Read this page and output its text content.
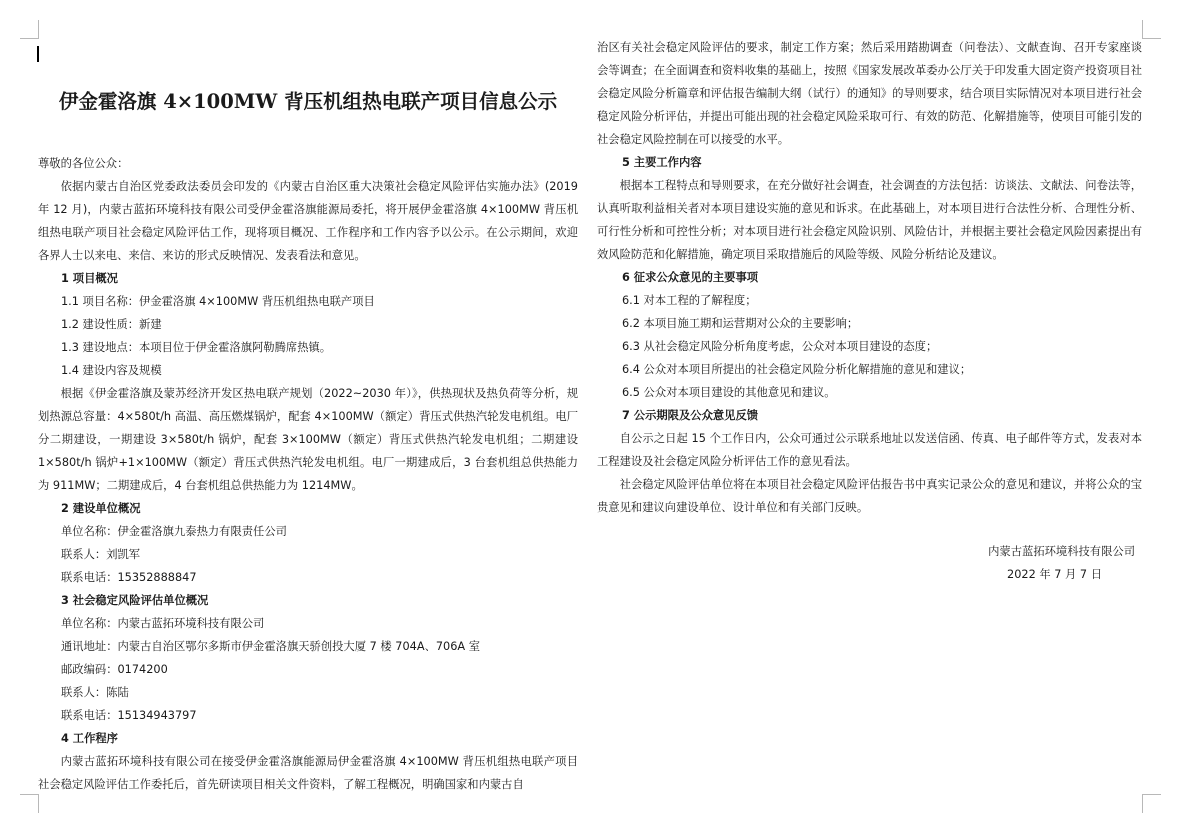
伊金霍洛旗 4×100MW 背压机组热电联产项目信息公示

尊敬的各位公众：

依据内蒙古自治区党委政法委员会印发的《内蒙古自治区重大决策社会稳定风险评估实施办法》(2019 年 12 月)，内蒙古蓝拓环境科技有限公司受伊金霍洛旗能源局委托，将开展伊金霍洛旗 4×100MW 背压机组热电联产项目社会稳定风险评估工作，现将项目概况、工作程序和工作内容予以公示。在公示期间，欢迎各界人士以来电、来信、来访的形式反映情况、发表看法和意见。

1 项目概况

1.1 项目名称：伊金霍洛旗 4×100MW 背压机组热电联产项目

1.2 建设性质：新建

1.3 建设地点：本项目位于伊金霍洛旗阿勒腾席热镇。

1.4 建设内容及规模

根据《伊金霍洛旗及蒙苏经济开发区热电联产规划（2022~2030 年）》，供热现状及热负荷等分析，规划热源总容量：4×580t/h 高温、高压燃煤锅炉，配套 4×100MW（额定）背压式供热汽轮发电机组。电厂分二期建设，一期建设 3×580t/h 锅炉，配套 3×100MW（额定）背压式供热汽轮发电机组；二期建设 1×580t/h 锅炉+1×100MW（额定）背压式供热汽轮发电机组。电厂一期建成后，3 台套机组总供热能力为 911MW；二期建成后，4 台套机组总供热能力为 1214MW。

2 建设单位概况

单位名称：伊金霍洛旗九泰热力有限责任公司

联系人：刘凯军

联系电话：15352888847

3 社会稳定风险评估单位概况

单位名称：内蒙古蓝拓环境科技有限公司

通讯地址：内蒙古自治区鄂尔多斯市伊金霍洛旗天骄创投大厦 7 楼 704A、706A 室

邮政编码：0174200

联系人：陈陆

联系电话：15134943797

4 工作程序

内蒙古蓝拓环境科技有限公司在接受伊金霍洛旗能源局伊金霍洛旗 4×100MW 背压机组热电联产项目社会稳定风险评估工作委托后，首先研读项目相关文件资料，了解工程概况，明确国家和内蒙古自

治区有关社会稳定风险评估的要求，制定工作方案；然后采用踏勘调查（问卷法）、文献查询、召开专家座谈会等调查；在全面调查和资料收集的基础上，按照《国家发展改革委办公厅关于印发重大固定资产投资项目社会稳定风险分析篇章和评估报告编制大纲（试行）的通知》的导则要求，结合项目实际情况对本项目进行社会稳定风险分析评估，并提出可能出现的社会稳定风险采取可行、有效的防范、化解措施等，使项目可能引发的社会稳定风险控制在可以接受的水平。

5 主要工作内容

根据本工程特点和导则要求，在充分做好社会调查，社会调查的方法包括：访谈法、文献法、问卷法等，认真听取利益相关者对本项目建设实施的意见和诉求。在此基础上，对本项目进行合法性分析、合理性分析、可行性分析和可控性分析；对本项目进行社会稳定风险识别、风险估计，并根据主要社会稳定风险因素提出有效风险防范和化解措施，确定项目采取措施后的风险等级、风险分析结论及建议。

6 征求公众意见的主要事项

6.1 对本工程的了解程度；

6.2 本项目施工期和运营期对公众的主要影响；

6.3 从社会稳定风险分析角度考虑，公众对本项目建设的态度；

6.4 公众对本项目所提出的社会稳定风险分析化解措施的意见和建议；

6.5 公众对本项目建设的其他意见和建议。

7 公示期限及公众意见反馈

自公示之日起 15 个工作日内，公众可通过公示联系地址以发送信函、传真、电子邮件等方式，发表对本工程建设及社会稳定风险分析评估工作的意见看法。

社会稳定风险评估单位将在本项目社会稳定风险评估报告书中真实记录公众的意见和建议，并将公众的宝贵意见和建议向建设单位、设计单位和有关部门反映。

内蒙古蓝拓环境科技有限公司

2022 年 7 月 7 日
